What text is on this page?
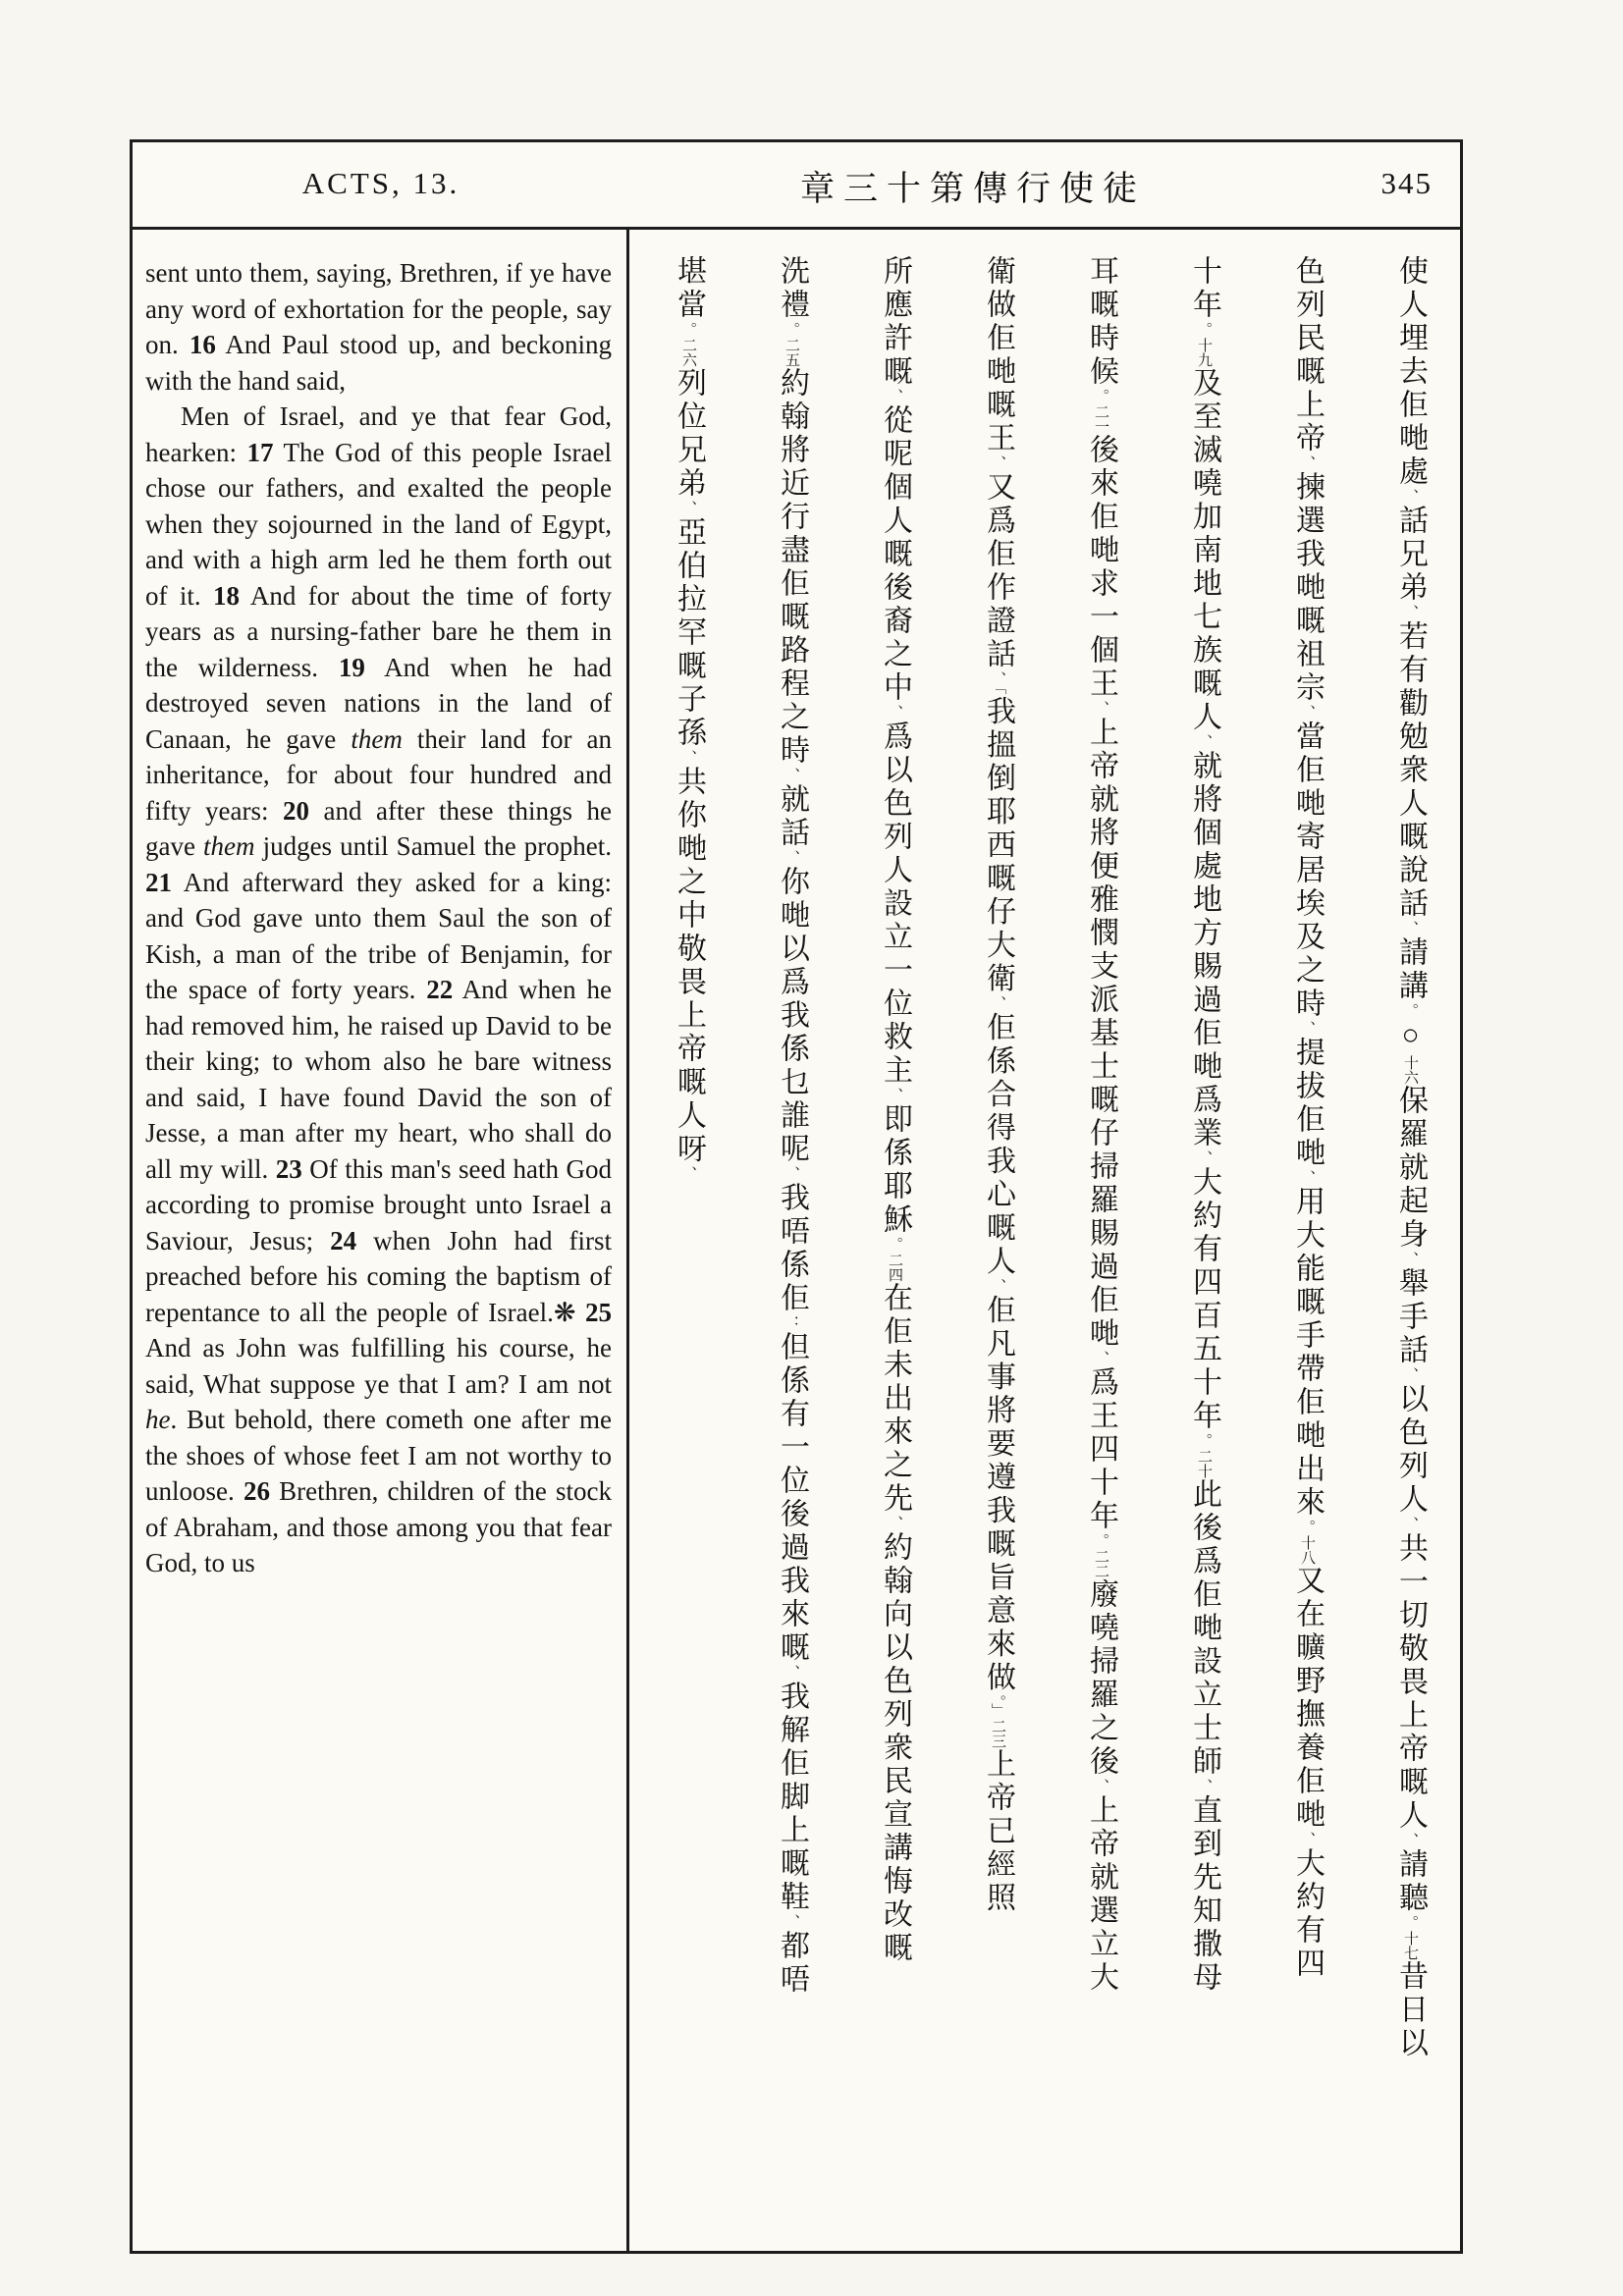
ACTS, 13.	章三十第傳行使徒	345

sent unto them, saying, Brethren, if ye have any word of exhortation for the people, say on. 16 And Paul stood up, and beckoning with the hand said,

Men of Israel, and ye that fear God, hearken: 17 The God of this people Israel chose our fathers, and exalted the people when they sojourned in the land of Egypt, and with a high arm led he them forth out of it. 18 And for about the time of forty years as a nursing-father bare he them in the wilderness. 19 And when he had destroyed seven nations in the land of Canaan, he gave them their land for an inheritance, for about four hundred and fifty years: 20 and after these things he gave them judges until Samuel the prophet. 21 And afterward they asked for a king: and God gave unto them Saul the son of Kish, a man of the tribe of Benjamin, for the space of forty years. 22 And when he had removed him, he raised up David to be their king; to whom also he bare witness and said, I have found David the son of Jesse, a man after my heart, who shall do all my will. 23 Of this man's seed hath God according to promise brought unto Israel a Saviour, Jesus; 24 when John had first preached before his coming the baptism of repentance to all the people of Israel.❋ 25 And as John was fulfilling his course, he said, What suppose ye that I am? I am not he. But behold, there cometh one after me the shoes of whose feet I am not worthy to unloose. 26 Brethren, children of the stock of Abraham, and those among you that fear God, to us

使人埋去佢哋處、話兄弟、若有勸勉衆人嘅說話、請講。○十六保羅就起身、舉手話、以色列人、共一切敬畏上帝嘅人、請聽。十七昔日以
色列民嘅上帝、揀選我哋嘅祖宗、當佢哋寄居埃及之時、提拔佢哋、用大能嘅手帶佢哋出來。十八又在曠野撫養佢哋、大約有四
十年。十九及至滅嘵加南地七族嘅人、就將個處地方賜過佢哋爲業、大約有四百五十年。二十此後爲佢哋設立士師、直到先知撒母
耳嘅時候。二一後來佢哋求一個王、上帝就將便雅憫支派基士嘅仔掃羅賜過佢哋、爲王四十年。二二廢嘵掃羅之後、上帝就選立大
衛做佢哋嘅王、又爲佢作證話、「我搵倒耶西嘅仔大衛、佢係合得我心嘅人、佢凡事將要遵我嘅旨意來做。」二三上帝已經照
所應許嘅、從呢個人嘅後裔之中、爲以色列人設立一位救主、即係耶穌。二四在佢未出來之先、約翰向以色列衆民宣講悔改嘅
洗禮。二五約翰將近行盡佢嘅路程之時、就話、你哋以爲我係乜誰呢、我唔係佢：但係有一位後過我來嘅、我解佢脚上嘅鞋、都唔
堪當。二六列位兄弟、亞伯拉罕嘅子孫、共你哋之中敬畏上帝嘅人呀、
